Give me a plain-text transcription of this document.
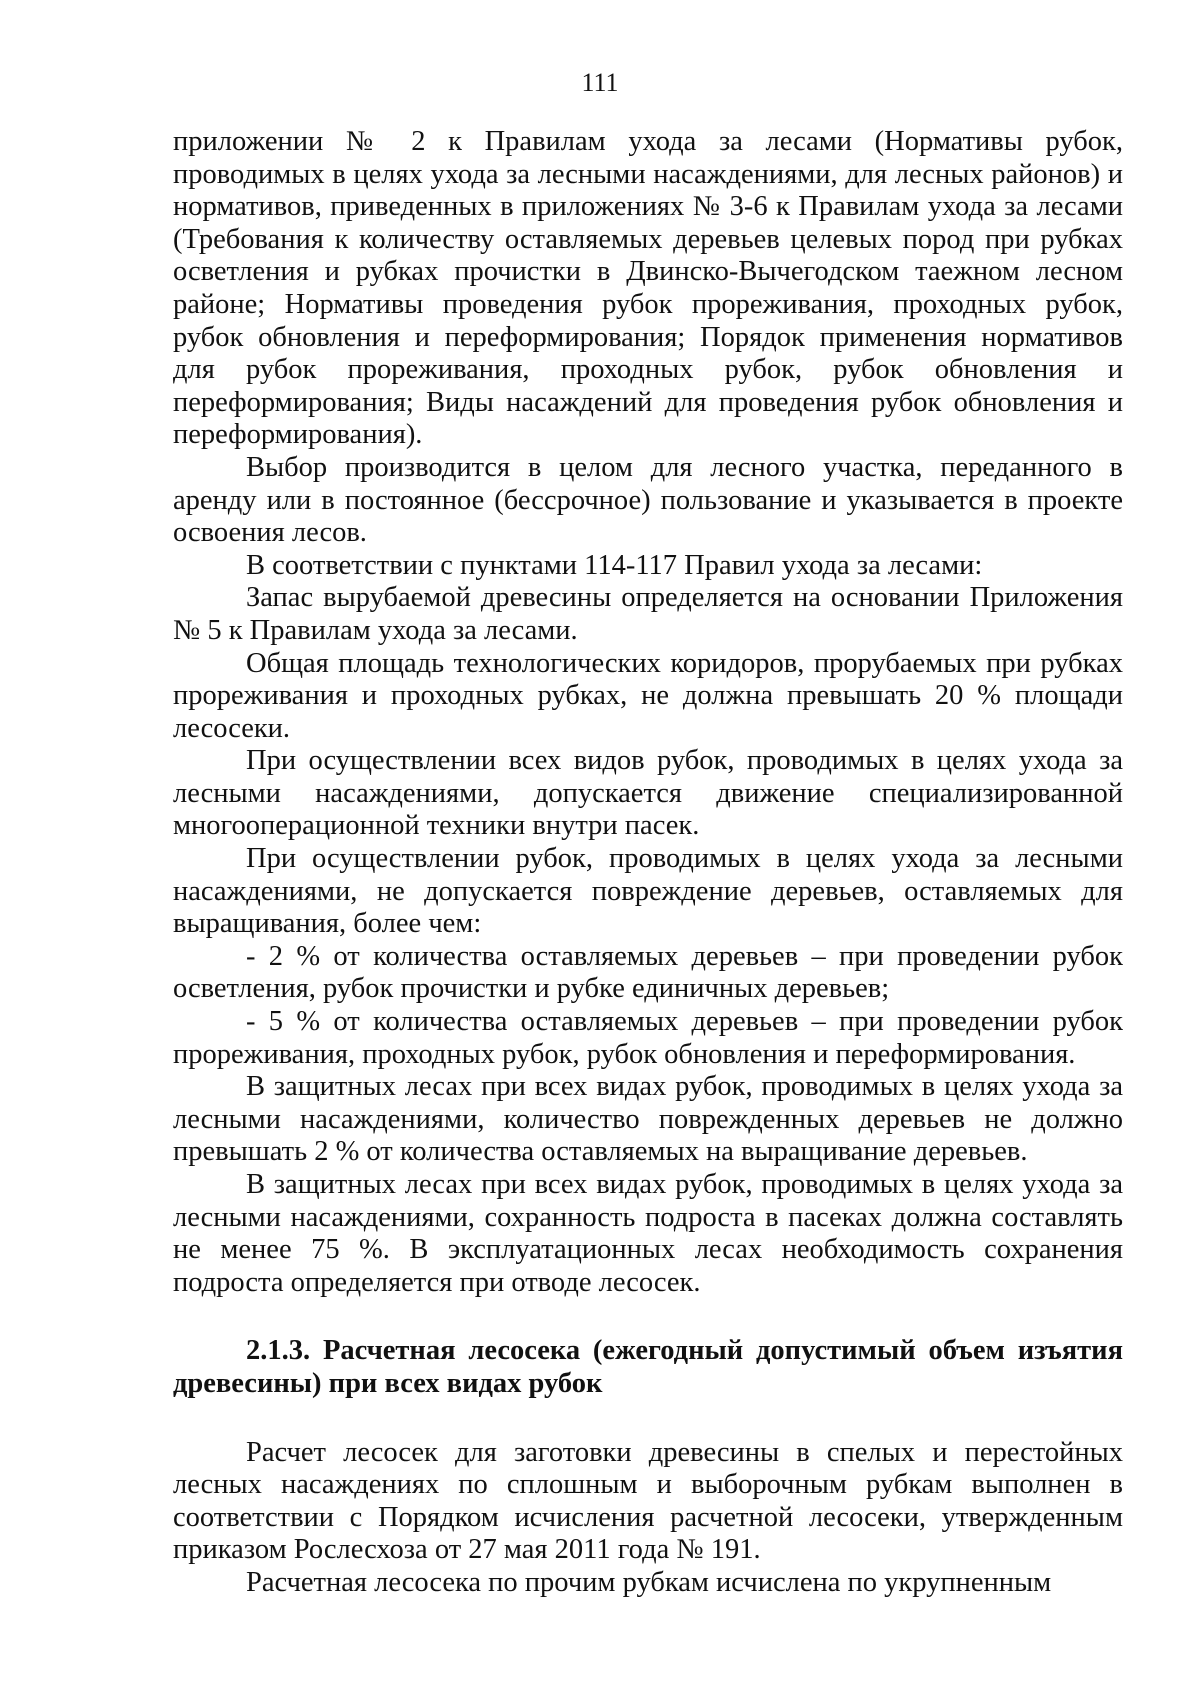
111

приложении № 2 к Правилам ухода за лесами (Нормативы рубок, проводимых в целях ухода за лесными насаждениями, для лесных районов) и нормативов, приведенных в приложениях № 3-6 к Правилам ухода за лесами (Требования к количеству оставляемых деревьев целевых пород при рубках осветления и рубках прочистки в Двинско-Вычегодском таежном лесном районе; Нормативы проведения рубок прореживания, проходных рубок, рубок обновления и переформирования; Порядок применения нормативов для рубок прореживания, проходных рубок, рубок обновления и переформирования; Виды насаждений для проведения рубок обновления и переформирования).

Выбор производится в целом для лесного участка, переданного в аренду или в постоянное (бессрочное) пользование и указывается в проекте освоения лесов.

В соответствии с пунктами 114-117 Правил ухода за лесами:

Запас вырубаемой древесины определяется на основании Приложения № 5 к Правилам ухода за лесами.

Общая площадь технологических коридоров, прорубаемых при рубках прореживания и проходных рубках, не должна превышать 20 % площади лесосеки.

При осуществлении всех видов рубок, проводимых в целях ухода за лесными насаждениями, допускается движение специализированной многооперационной техники внутри пасек.

При осуществлении рубок, проводимых в целях ухода за лесными насаждениями, не допускается повреждение деревьев, оставляемых для выращивания, более чем:

- 2 % от количества оставляемых деревьев – при проведении рубок осветления, рубок прочистки и рубке единичных деревьев;

- 5 % от количества оставляемых деревьев – при проведении рубок прореживания, проходных рубок, рубок обновления и переформирования.

В защитных лесах при всех видах рубок, проводимых в целях ухода за лесными насаждениями, количество поврежденных деревьев не должно превышать 2 % от количества оставляемых на выращивание деревьев.

В защитных лесах при всех видах рубок, проводимых в целях ухода за лесными насаждениями, сохранность подроста в пасеках должна составлять не менее 75 %. В эксплуатационных лесах необходимость сохранения подроста определяется при отводе лесосек.

2.1.3. Расчетная лесосека (ежегодный допустимый объем изъятия древесины) при всех видах рубок

Расчет лесосек для заготовки древесины в спелых и перестойных лесных насаждениях по сплошным и выборочным рубкам выполнен в соответствии с Порядком исчисления расчетной лесосеки, утвержденным приказом Рослесхоза от 27 мая 2011 года № 191.

Расчетная лесосека по прочим рубкам исчислена по укрупненным
